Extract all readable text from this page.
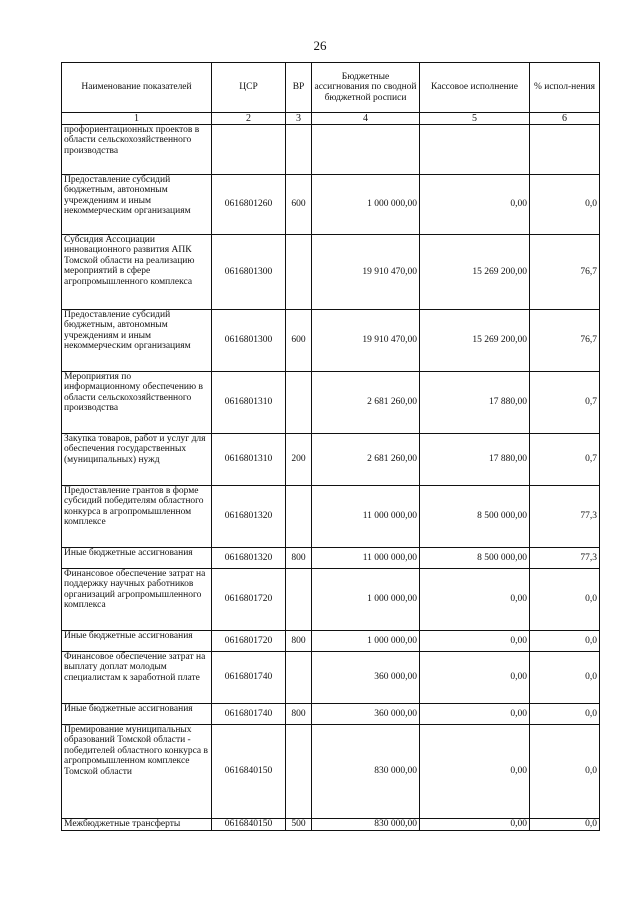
26
Наименование показателей	ЦСР	ВР	Бюджетные ассигнования по сводной бюджетной росписи	Кассовое исполнение	% испол-нения
1	2	3	4	5	6
профориентационных проектов в области сельскохозяйственного производства					
Предоставление субсидий бюджетным, автономным учреждениям и иным некоммерческим организациям	0616801260	600	1 000 000,00	0,00	0,0
Субсидия Ассоциации инновационного развития АПК Томской области на реализацию мероприятий в сфере агропромышленного комплекса	0616801300		19 910 470,00	15 269 200,00	76,7
Предоставление субсидий бюджетным, автономным учреждениям и иным некоммерческим организациям	0616801300	600	19 910 470,00	15 269 200,00	76,7
Мероприятия по информационному обеспечению в области сельскохозяйственного производства	0616801310		2 681 260,00	17 880,00	0,7
Закупка товаров, работ и услуг для обеспечения государственных (муниципальных) нужд	0616801310	200	2 681 260,00	17 880,00	0,7
Предоставление грантов в форме субсидий победителям областного конкурса в агропромышленном комплексе	0616801320		11 000 000,00	8 500 000,00	77,3
Иные бюджетные ассигнования	0616801320	800	11 000 000,00	8 500 000,00	77,3
Финансовое обеспечение затрат на поддержку научных работников организаций агропромышленного комплекса	0616801720		1 000 000,00	0,00	0,0
Иные бюджетные ассигнования	0616801720	800	1 000 000,00	0,00	0,0
Финансовое обеспечение затрат на выплату доплат молодым специалистам к заработной плате	0616801740		360 000,00	0,00	0,0
Иные бюджетные ассигнования	0616801740	800	360 000,00	0,00	0,0
Премирование муниципальных образований Томской области - победителей областного конкурса в агропромышленном комплексе Томской области	0616840150		830 000,00	0,00	0,0
Межбюджетные трансферты	0616840150	500	830 000,00	0,00	0,0
